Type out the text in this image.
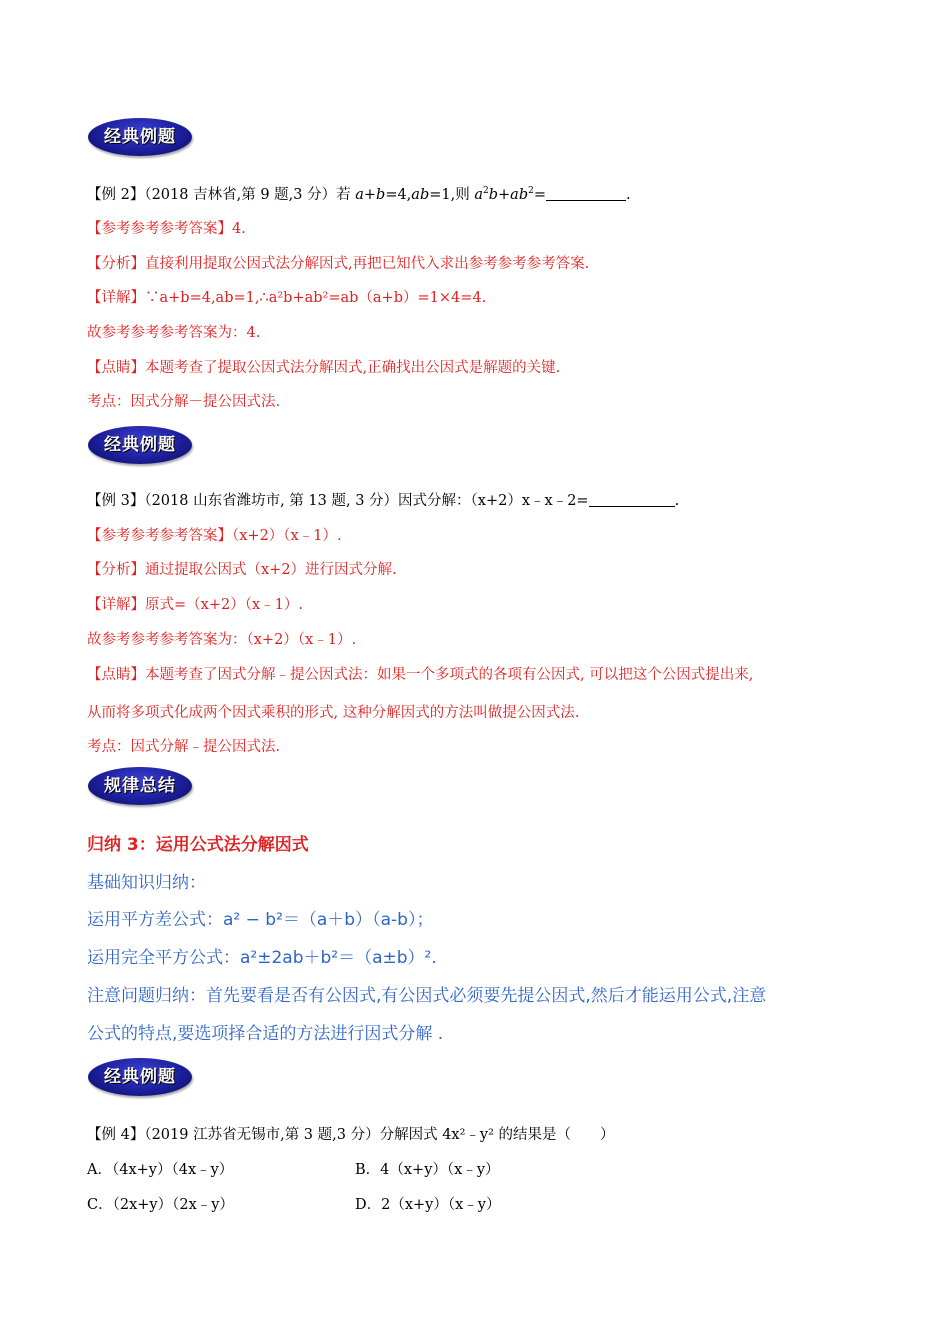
经典例题
【例 2】（2018 吉林省,第 9 题,3 分）若 a+b=4,ab=1,则 $a^2b+ab^2=$	.
【参考参考参考答案】4.
【分析】直接利用提取公因式法分解因式,再把已知代入求出参考参考参考答案.
【详解】∵a+b=4,ab=1,∴a²b+ab²=ab（a+b）=1×4=4.
故参考参考参考答案为：4.
【点睛】本题考查了提取公因式法分解因式,正确找出公因式是解题的关键.
考点：因式分解－提公因式法.
经典例题
【例 3】（2018 山东省潍坊市, 第 13 题, 3 分）因式分解：（x+2）x﹣x﹣2=	.
【参考参考参考答案】（x+2）（x﹣1）.
【分析】通过提取公因式（x+2）进行因式分解.
【详解】原式=（x+2）（x﹣1）.
故参考参考参考答案为：（x+2）（x﹣1）.
【点睛】本题考查了因式分解﹣提公因式法：如果一个多项式的各项有公因式, 可以把这个公因式提出来,
从而将多项式化成两个因式乘积的形式, 这种分解因式的方法叫做提公因式法.
考点：因式分解﹣提公因式法.
规律总结
归纳 3：运用公式法分解因式
基础知识归纳：
运用平方差公式：a² − b²＝（a＋b）（a-b）；
运用完全平方公式：a²±2ab＋b²＝（a±b）².
注意问题归纳：首先要看是否有公因式,有公因式必须要先提公因式,然后才能运用公式,注意
公式的特点,要选项择合适的方法进行因式分解 .
经典例题
【例 4】（2019 江苏省无锡市,第 3 题,3 分）分解因式 4x²﹣y² 的结果是（　　）
A．（4x+y）（4x﹣y）	B．4（x+y）（x﹣y）
C．（2x+y）（2x﹣y）	D．2（x+y）（x﹣y）
